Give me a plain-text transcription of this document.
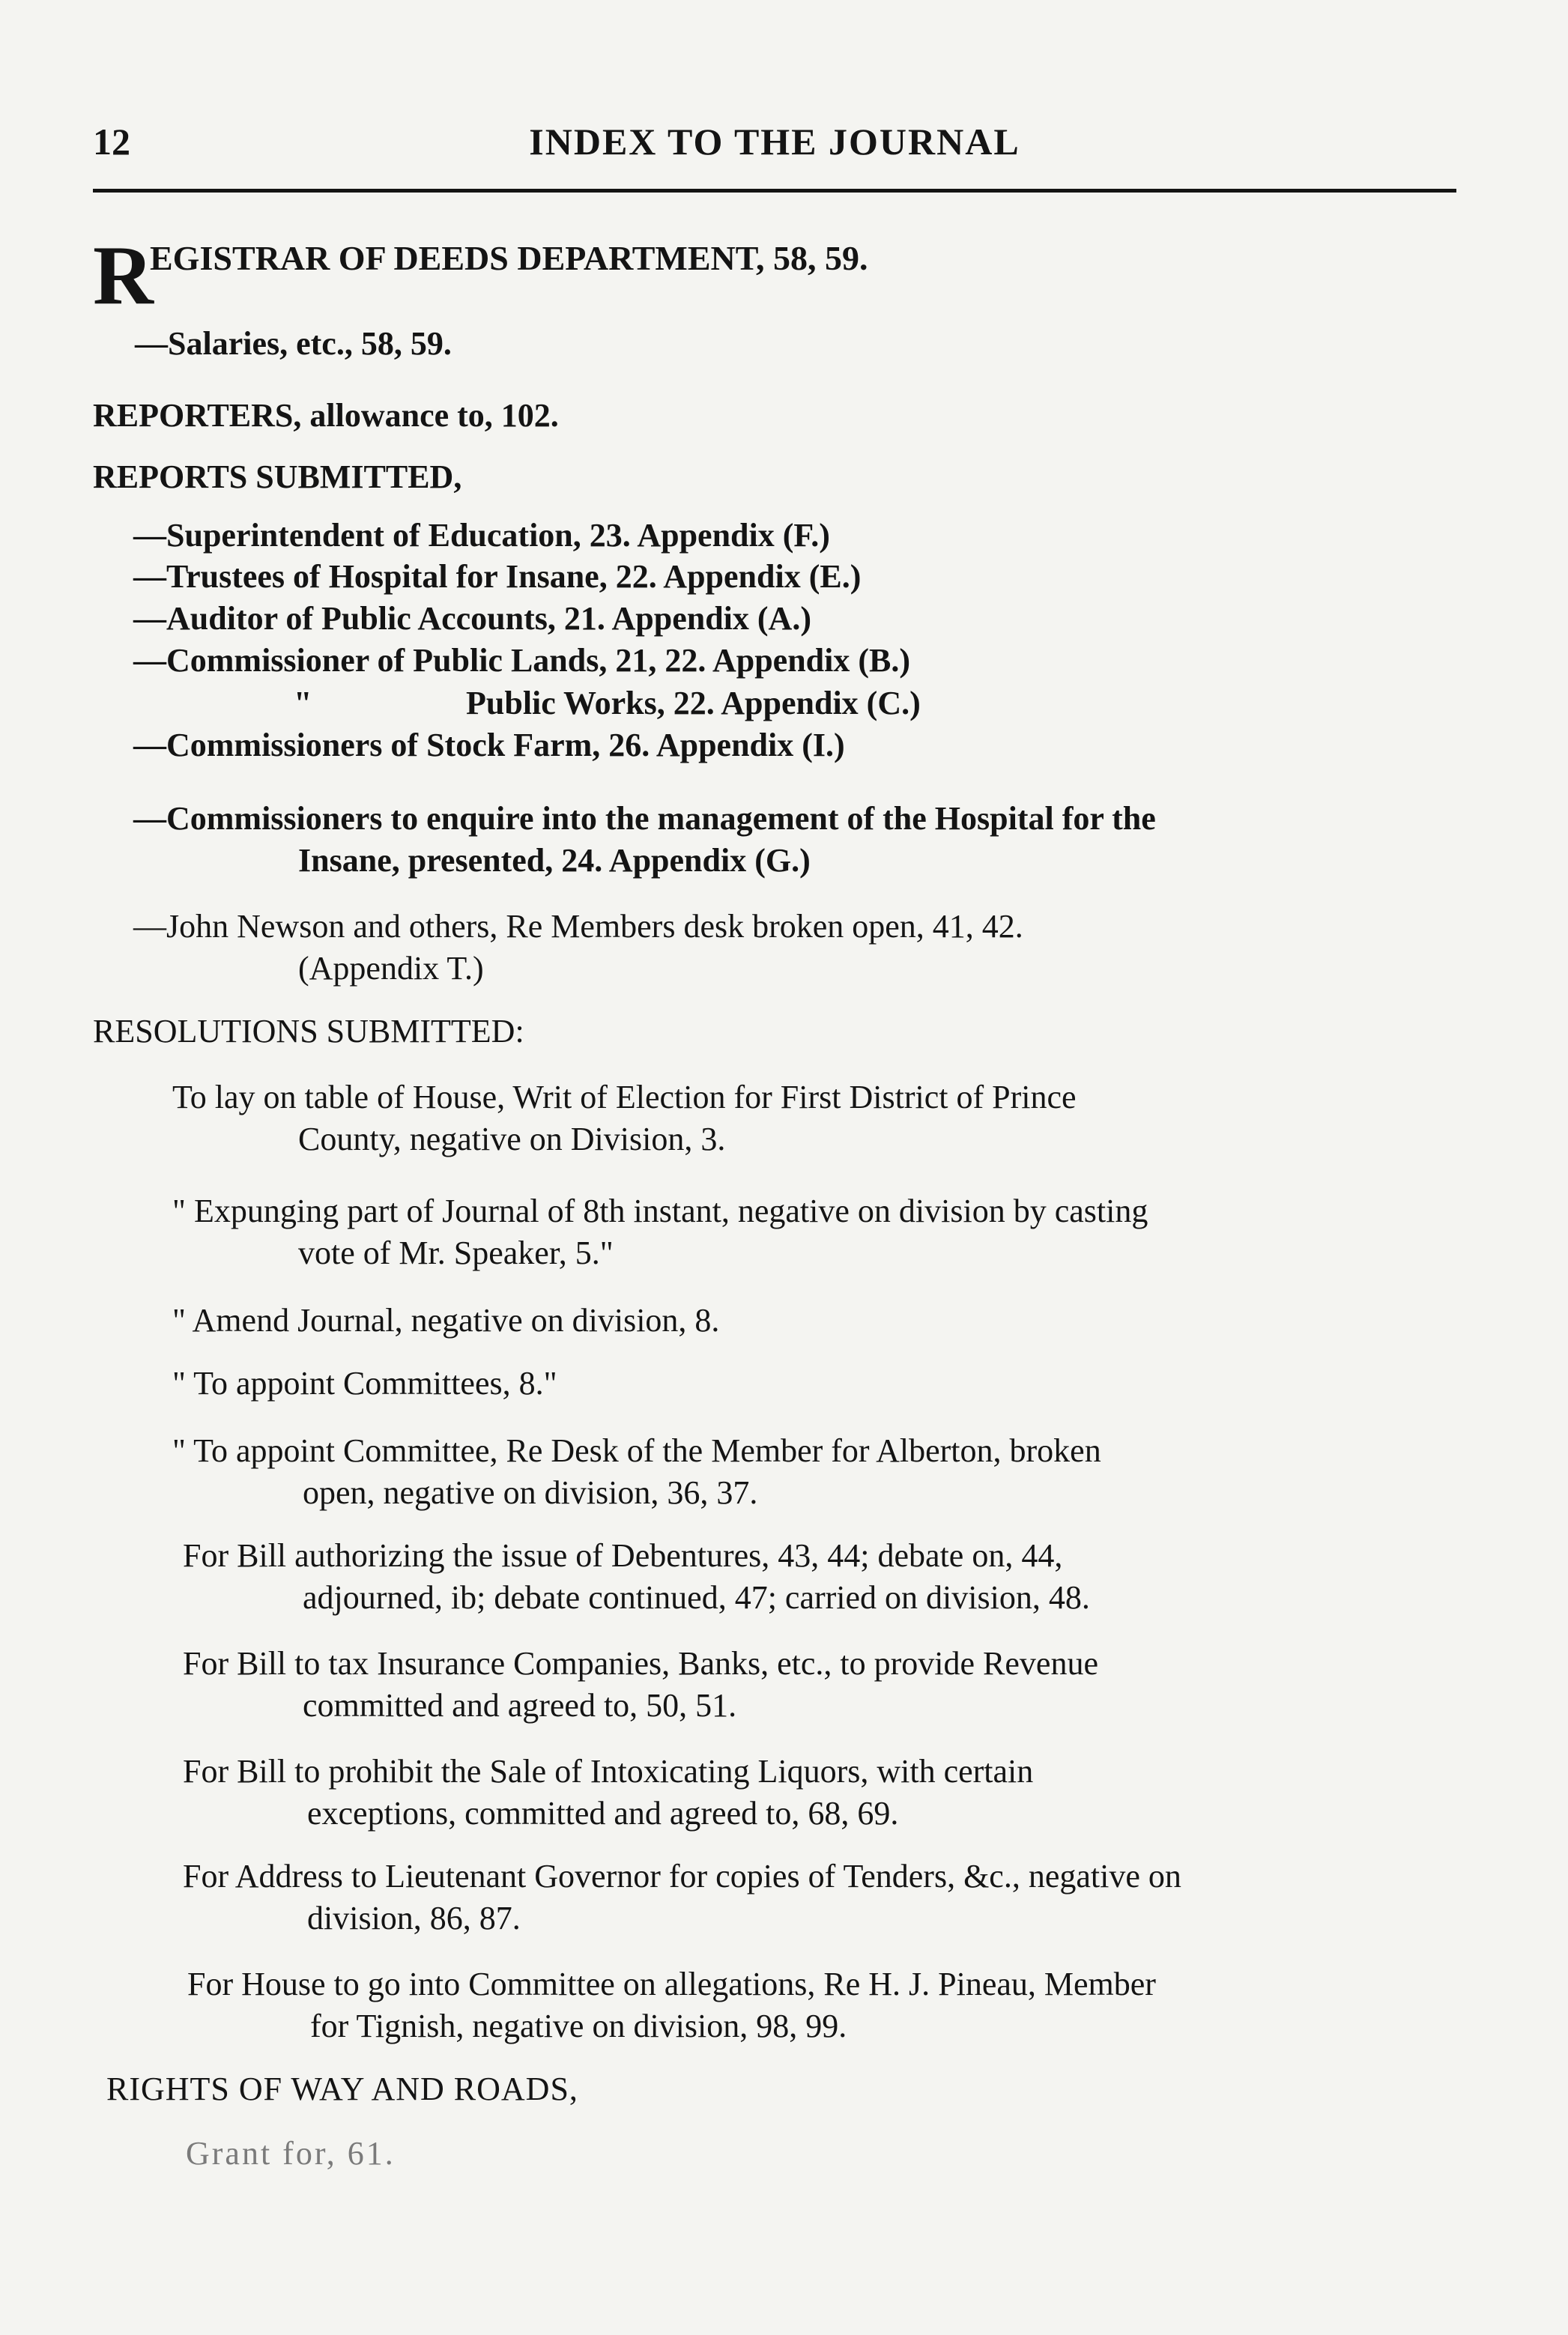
12	INDEX TO THE JOURNAL
R
EGISTRAR OF DEEDS DEPARTMENT, 58, 59.
—Salaries, etc., 58, 59.
REPORTERS, allowance to, 102.
REPORTS SUBMITTED,
—Superintendent of Education, 23. Appendix (F.)
—Trustees of Hospital for Insane, 22. Appendix (E.)
—Auditor of Public Accounts, 21. Appendix (A.)
—Commissioner of Public Lands, 21, 22. Appendix (B.)
"	Public Works, 22. Appendix (C.)
—Commissioners of Stock Farm, 26. Appendix (I.)
—Commissioners to enquire into the management of the Hospital for the
Insane, presented, 24. Appendix (G.)
—John Newson and others, Re Members desk broken open, 41, 42.
(Appendix T.)
RESOLUTIONS SUBMITTED:
To lay on table of House, Writ of Election for First District of Prince
County, negative on Division, 3.
" Expunging part of Journal of 8th instant, negative on division by casting
vote of Mr. Speaker, 5."
" Amend Journal, negative on division, 8.
" To appoint Committees, 8."
" To appoint Committee, Re Desk of the Member for Alberton, broken
open, negative on division, 36, 37.
For Bill authorizing the issue of Debentures, 43, 44; debate on, 44,
adjourned, ib; debate continued, 47; carried on division, 48.
For Bill to tax Insurance Companies, Banks, etc., to provide Revenue
committed and agreed to, 50, 51.
For Bill to prohibit the Sale of Intoxicating Liquors, with certain
exceptions, committed and agreed to, 68, 69.
For Address to Lieutenant Governor for copies of Tenders, &c., negative on
division, 86, 87.
For House to go into Committee on allegations, Re H. J. Pineau, Member
for Tignish, negative on division, 98, 99.
RIGHTS OF WAY AND ROADS,
Grant for, 61.
